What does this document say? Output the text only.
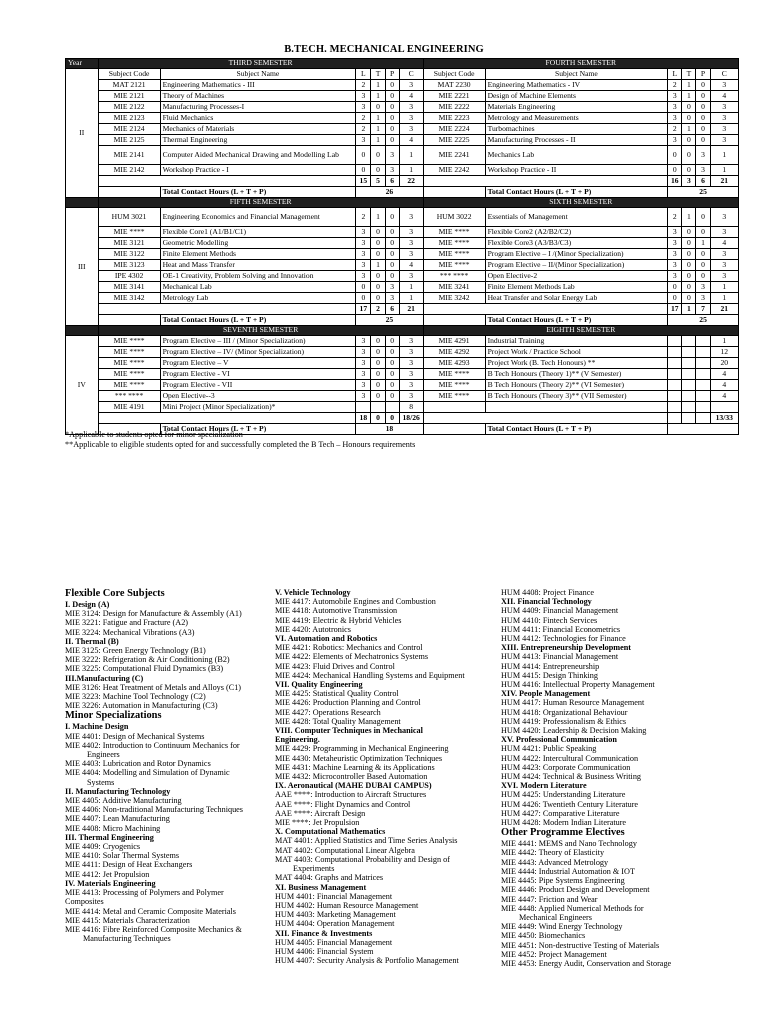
B.TECH. MECHANICAL ENGINEERING
Year	THIRD SEMESTER						FOURTH SEMESTER					
II	Subject Code	Subject Name	L	T	P	C	Subject Code	Subject Name	L	T	P	C
	MAT 2121	Engineering Mathematics - III	2	1	0	3	MAT 2230	Engineering Mathematics - IV	2	1	0	3
	MIE 2121	Theory of Machines	3	1	0	4	MIE 2221	Design of Machine Elements	3	1	0	4
	MIE 2122	Manufacturing Processes-I	3	0	0	3	MIE 2222	Materials Engineering	3	0	0	3
	MIE 2123	Fluid Mechanics	2	1	0	3	MIE 2223	Metrology and Measurements	3	0	0	3
	MIE 2124	Mechanics of Materials	2	1	0	3	MIE 2224	Turbomachines	2	1	0	3
	MIE 2125	Thermal Engineering	3	1	0	4	MIE 2225	Manufacturing Processes - II	3	0	0	3
	MIE 2141	Computer Aided Mechanical Drawing and Modelling Lab	0	0	3	1	MIE 2241	Mechanics Lab	0	0	3	1
	MIE 2142	Workshop Practice - I	0	0	3	1	MIE 2242	Workshop Practice - II	0	0	3	1
			15	5	6	22			16	3	6	21
		Total Contact Hours (L + T + P)	26					Total Contact Hours (L + T + P)	25			
	FIFTH SEMESTER						SIXTH SEMESTER					
III	HUM 3021	Engineering Economics and Financial Management	2	1	0	3	HUM 3022	Essentials of Management	2	1	0	3
	MIE ****	Flexible Core1 (A1/B1/C1)	3	0	0	3	MIE ****	Flexible Core2 (A2/B2/C2)	3	0	0	3
	MIE 3121	Geometric Modelling	3	0	0	3	MIE ****	Flexible Core3 (A3/B3/C3)	3	0	1	4
	MIE 3122	Finite Element Methods	3	0	0	3	MIE ****	Program Elective – I /(Minor Specialization)	3	0	0	3
	MIE 3123	Heat and Mass Transfer	3	1	0	4	MIE ****	Program Elective – II/(Minor Specialization)	3	0	0	3
	IPE 4302	OE-1 Creativity, Problem Solving and Innovation	3	0	0	3	*** ****	Open Elective-2	3	0	0	3
	MIE 3141	Mechanical Lab	0	0	3	1	MIE 3241	Finite Element Methods Lab	0	0	3	1
	MIE 3142	Metrology Lab	0	0	3	1	MIE 3242	Heat Transfer and Solar Energy Lab	0	0	3	1
			17	2	6	21			17	1	7	21
		Total Contact Hours (L + T + P)	25					Total Contact Hours (L + T + P)	25			
	SEVENTH SEMESTER						EIGHTH SEMESTER					
IV	MIE ****	Program Elective – III / (Minor Specialization)	3	0	0	3	MIE 4291	Industrial Training				1
	MIE ****	Program Elective – IV/ (Minor Specialization)	3	0	0	3	MIE 4292	Project Work / Practice School				12
	MIE ****	Program Elective – V	3	0	0	3	MIE 4293	Project Work (B. Tech Honours) **				20
	MIE ****	Program Elective - VI	3	0	0	3	MIE ****	B Tech Honours (Theory 1)** (V Semester)				4
	MIE ****	Program Elective - VII	3	0	0	3	MIE ****	B Tech Honours (Theory 2)** (VI Semester)				4
	*** ****	Open Elective--3	3	0	0	3	MIE ****	B Tech Honours (Theory 3)** (VII Semester)				4
	MIE 4191	Mini Project (Minor Specialization)*				8						
			18	0	0	18/26						13/33
		Total Contact Hours (L + T + P)	18					Total Contact Hours (L + T + P)				
*Applicable to students opted for minor specialization
**Applicable to eligible students opted for and successfully completed the B Tech – Honours requirements
Flexible Core Subjects
I. Design (A)
MIE 3124: Design for Manufacture & Assembly (A1)
MIE 3221: Fatigue and Fracture (A2)
MIE 3224: Mechanical Vibrations (A3)
II. Thermal (B)
MIE 3125: Green Energy Technology (B1)
MIE 3222: Refrigeration & Air Conditioning (B2)
MIE 3225: Computational Fluid Dynamics (B3)
III.Manufacturing (C)
MIE 3126: Heat Treatment of Metals and Alloys (C1)
MIE 3223: Machine Tool Technology (C2)
MIE 3226: Automation in Manufacturing (C3)
Minor Specializations
I. Machine Design
MIE 4401: Design of Mechanical Systems
MIE 4402: Introduction to Continuum Mechanics for
Engineers
MIE 4403: Lubrication and Rotor Dynamics
MIE 4404: Modelling and Simulation of Dynamic
Systems
II. Manufacturing Technology
MIE 4405: Additive Manufacturing
MIE 4406: Non-traditional Manufacturing Techniques
MIE 4407: Lean Manufacturing
MIE 4408: Micro Machining
III. Thermal Engineering
MIE 4409: Cryogenics
MIE 4410: Solar Thermal Systems
MIE 4411: Design of Heat Exchangers
MIE 4412: Jet Propulsion
IV. Materials Engineering
MIE 4413: Processing of Polymers and Polymer
Composites
MIE 4414: Metal and Ceramic Composite Materials
MIE 4415: Materials Characterization
MIE 4416: Fibre Reinforced Composite Mechanics &
Manufacturing Techniques
V. Vehicle Technology
MIE 4417: Automobile Engines and Combustion
MIE 4418: Automotive Transmission
MIE 4419: Electric & Hybrid Vehicles
MIE 4420: Autotronics
VI. Automation and Robotics
MIE 4421: Robotics: Mechanics and Control
MIE 4422: Elements of Mechatronics Systems
MIE 4423: Fluid Drives and Control
MIE 4424: Mechanical Handling Systems and Equipment
VII. Quality Engineering
MIE 4425: Statistical Quality Control
MIE 4426: Production Planning and Control
MIE 4427: Operations Research
MIE 4428: Total Quality Management
VIII. Computer Techniques in Mechanical
Engineering.
MIE 4429: Programming in Mechanical Engineering
MIE 4430: Metaheuristic Optimization Techniques
MIE 4431: Machine Learning & its Applications
MIE 4432: Microcontroller Based Automation
IX. Aeronautical (MAHE DUBAI CAMPUS)
AAE ****: Introduction to Aircraft Structures
AAE ****: Flight Dynamics and Control
AAE ****: Aircraft Design
MIE ****: Jet Propulsion
X. Computational Mathematics
MAT 4401: Applied Statistics and Time Series Analysis
MAT 4402: Computational Linear Algebra
MAT 4403: Computational Probability and Design of
Experiments
MAT 4404: Graphs and Matrices
XI. Business Management
HUM 4401: Financial Management
HUM 4402: Human Resource Management
HUM 4403: Marketing Management
HUM 4404: Operation Management
XII. Finance & Investments
HUM 4405: Financial Management
HUM 4406: Financial System
HUM 4407: Security Analysis & Portfolio Management
HUM 4408: Project Finance
XII. Financial Technology
HUM 4409: Financial Management
HUM 4410: Fintech Services
HUM 4411: Financial Econometrics
HUM 4412: Technologies for Finance
XIII. Entrepreneurship Development
HUM 4413: Financial Management
HUM 4414: Entrepreneurship
HUM 4415: Design Thinking
HUM 4416: Intellectual Property Management
XIV. People Management
HUM 4417: Human Resource Management
HUM 4418: Organizational Behaviour
HUM 4419: Professionalism & Ethics
HUM 4420: Leadership & Decision Making
XV. Professional Communication
HUM 4421: Public Speaking
HUM 4422: Intercultural Communication
HUM 4423: Corporate Communication
HUM 4424: Technical & Business Writing
XVI. Modern Literature
HUM 4425: Understanding Literature
HUM 4426: Twentieth Century Literature
HUM 4427: Comparative Literature
HUM 4428: Modern Indian Literature
Other Programme Electives
MIE 4441: MEMS and Nano Technology
MIE 4442: Theory of Elasticity
MIE 4443: Advanced Metrology
MIE 4444: Industrial Automation & IOT
MIE 4445: Pipe Systems Engineering
MIE 4446: Product Design and Development
MIE 4447: Friction and Wear
MIE 4448: Applied Numerical Methods for
Mechanical Engineers
MIE 4449: Wind Energy Technology
MIE 4450: Biomechanics
MIE 4451: Non-destructive Testing of Materials
MIE 4452: Project Management
MIE 4453: Energy Audit, Conservation and Storage
